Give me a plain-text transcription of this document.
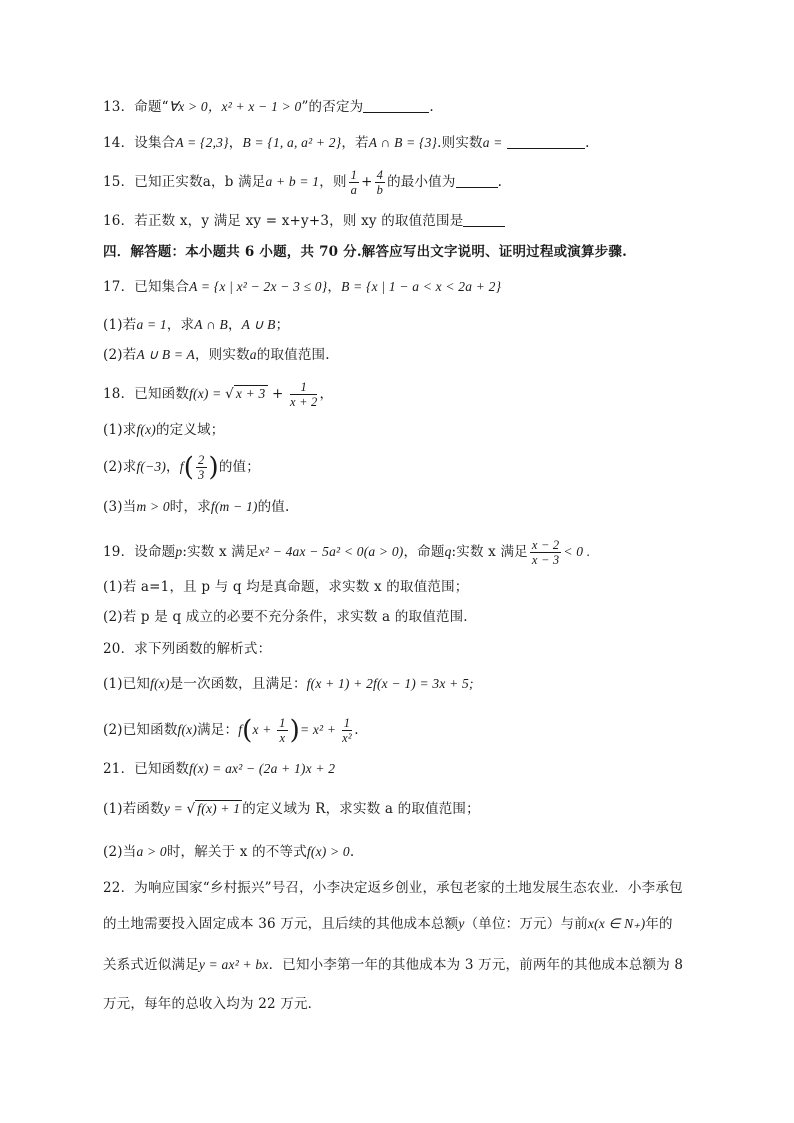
13．命题“∀x > 0，x² + x − 1 > 0”的否定为	.
14．设集合A = {2,3}，B = {1, a, a² + 2}，若A ∩ B = {3}.则实数a =	.
15．已知正实数a，b 满足a + b = 1，则 $\frac{1}{a} + \frac{4}{b}$ 的最小值为	.
16．若正数 x，y 满足 xy = x+y+3，则 xy 的取值范围是
四．解答题：本小题共 6 小题，共 70 分.解答应写出文字说明、证明过程或演算步骤.
17．已知集合A = {x | x² − 2x − 3 ≤ 0}，B = {x | 1 − a < x < 2a + 2}
(1)若a = 1，求A ∩ B，A ∪ B；
(2)若A ∪ B = A，则实数a的取值范围.
18．已知函数f(x) = √ $x + 3 + \frac{1}{x + 2}$ ，
(1)求f(x)的定义域；
(2)求f(−3)，$f( \frac{2}{3}$ )的值；
(3)当m > 0时，求f(m − 1)的值.
19．设命题p:实数 x 满足x² − 4ax − 5a² < 0(a > 0)，命题q:实数 x 满足 $\frac{x - 2}{x - 3} < 0$ .
(1)若 a=1，且 p 与 q 均是真命题，求实数 x 的取值范围；
(2)若 p 是 q 成立的必要不充分条件，求实数 a 的取值范围.
20．求下列函数的解析式：
(1)已知f(x)是一次函数，且满足：f(x + 1) + 2f(x − 1) = 3x + 5;
(2)已知函数f(x)满足：$f(x + \frac{1}{x}$ )= $x^2 + \frac{1}{\text{x²}}$ .
21．已知函数f(x) = ax² − (2a + 1)x + 2
(1)若函数y = √ f(x) + 1 的定义域为 R，求实数 a 的取值范围；
(2)当a > 0时，解关于 x 的不等式f(x) > 0.
22．为响应国家“乡村振兴”号召，小李决定返乡创业，承包老家的土地发展生态农业．小李承包
的土地需要投入固定成本 36 万元，且后续的其他成本总额y（单位：万元）与前x(x ∈ N₊)年的
关系式近似满足y = ax² + bx．已知小李第一年的其他成本为 3 万元，前两年的其他成本总额为 8
万元，每年的总收入均为 22 万元．
